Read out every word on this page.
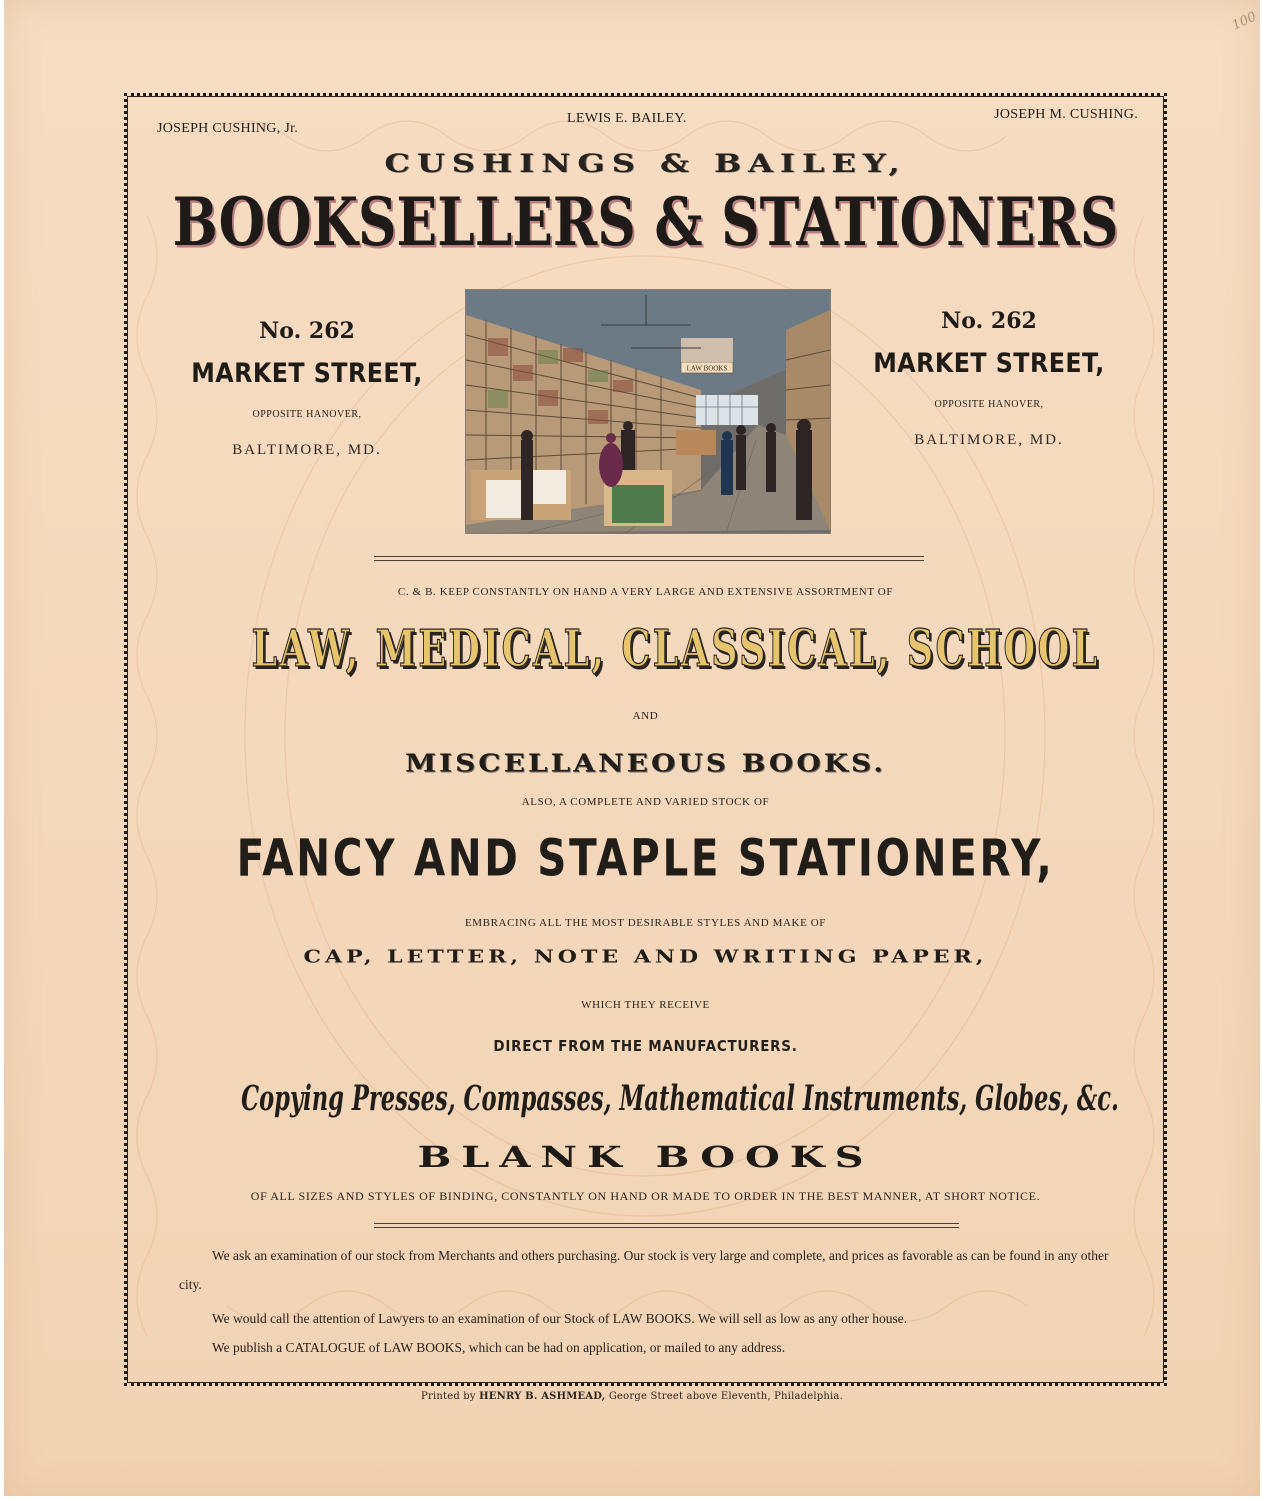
100
JOSEPH CUSHING, Jr.
LEWIS E. BAILEY.	JOSEPH M. CUSHING.
CUSHINGS & BAILEY,
BOOKSELLERS & STATIONERS
No. 262
MARKET STREET,
OPPOSITE HANOVER,
BALTIMORE, MD.
LAW BOOKS
No. 262
MARKET STREET,
OPPOSITE HANOVER,
BALTIMORE, MD.
C. & B. KEEP CONSTANTLY ON HAND A VERY LARGE AND EXTENSIVE ASSORTMENT OF
LAW, MEDICAL, CLASSICAL, SCHOOL
AND
MISCELLANEOUS BOOKS.
ALSO, A COMPLETE AND VARIED STOCK OF
FANCY AND STAPLE STATIONERY,
EMBRACING ALL THE MOST DESIRABLE STYLES AND MAKE OF
CAP, LETTER, NOTE AND WRITING PAPER,
WHICH THEY RECEIVE
DIRECT FROM THE MANUFACTURERS.
Copying Presses, Compasses, Mathematical Instruments, Globes, &c.
BLANK BOOKS
OF ALL SIZES AND STYLES OF BINDING, CONSTANTLY ON HAND OR MADE TO ORDER IN THE BEST MANNER, AT SHORT NOTICE.

We ask an examination of our stock from Merchants and others purchasing. Our stock is very large and complete, and prices as favorable as can be found in any other city.

We would call the attention of Lawyers to an examination of our Stock of LAW BOOKS. We will sell as low as any other house.

We publish a CATALOGUE of LAW BOOKS, which can be had on application, or mailed to any address.

Printed by HENRY B. ASHMEAD, George Street above Eleventh, Philadelphia.
